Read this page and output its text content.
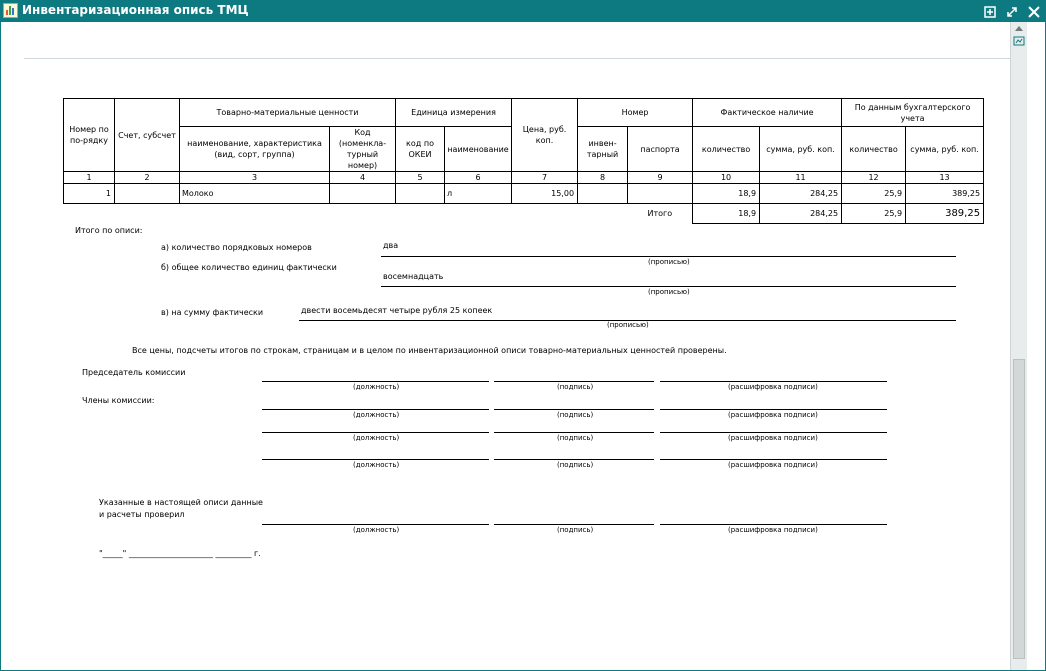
Инвентаризационная опись ТМЦ
Номер по по-рядку	Счет, субсчет	Товарно-материальные ценности		Единица измерения		Цена, руб. коп.	Номер		Фактическое наличие		По данным бухгалтерского учета	
		наименование, характеристика (вид, сорт, группа)	Код (номенкла-турный номер)	код по ОКЕИ	наименование		инвен-тарный	паспорта	количество	сумма, руб. коп.	количество	сумма, руб. коп.
1	2	3	4	5	6	7	8	9	10	11	12	13
1		Молоко			л	15,00			18,9	284,25	25,9	389,25
								Итого	18,9	284,25	25,9	389,25
Итого по описи:
а) количество порядковых номеров	два
(прописью)
б) общее количество единиц фактически
восемнадцать
(прописью)
в) на сумму фактически	двести восемьдесят четыре рубля 25 копеек
(прописью)
Все цены, подсчеты итогов по строкам, страницам и в целом по инвентаризационной описи товарно-материальных ценностей проверены.
Председатель комиссии
Члены комиссии:
Указанные в настоящей описи данные и расчеты проверил
(должность)	(подпись)	(расшифровка подписи)
(должность)	(подпись)	(расшифровка подписи)
(должность)	(подпись)	(расшифровка подписи)
(должность)	(подпись)	(расшифровка подписи)
(должность)	(подпись)	(расшифровка подписи)
"_____" _____________________ _________ г.
